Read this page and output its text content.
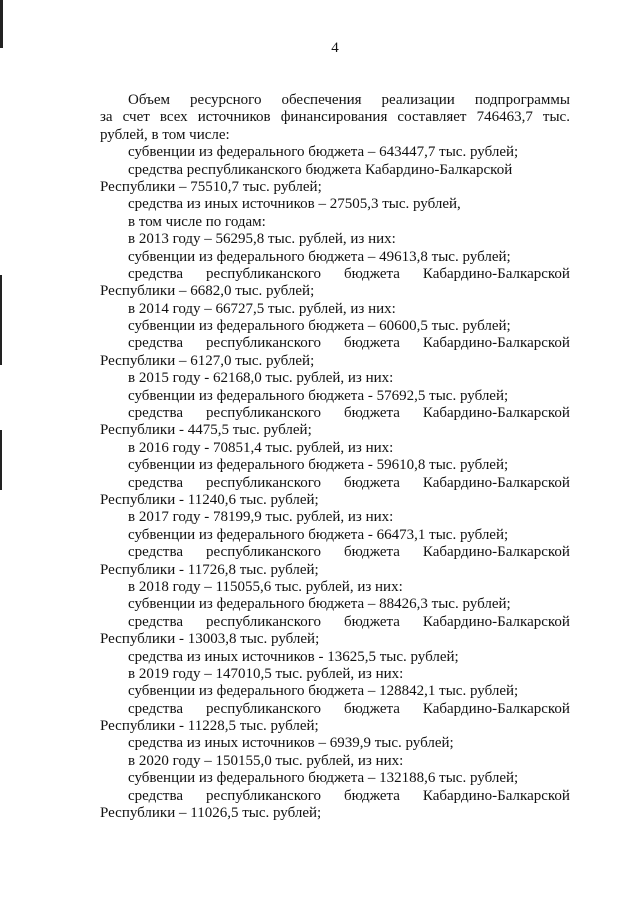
4
Объем ресурсного обеспечения реализации подпрограммы
за счет всех источников финансирования составляет 746463,7 тыс.
рублей, в том числе:
субвенции из федерального бюджета – 643447,7 тыс. рублей;
средства республиканского бюджета Кабардино-Балкарской
Республики – 75510,7 тыс. рублей;
средства из иных источников – 27505,3 тыс. рублей,
в том числе по годам:
в 2013 году – 56295,8 тыс. рублей, из них:
субвенции из федерального бюджета – 49613,8 тыс. рублей;
средства республиканского бюджета Кабардино-Балкарской
Республики – 6682,0 тыс. рублей;
в 2014 году – 66727,5 тыс. рублей, из них:
субвенции из федерального бюджета – 60600,5 тыс. рублей;
средства республиканского бюджета Кабардино-Балкарской
Республики – 6127,0 тыс. рублей;
в 2015 году - 62168,0 тыс. рублей, из них:
субвенции из федерального бюджета - 57692,5 тыс. рублей;
средства республиканского бюджета Кабардино-Балкарской
Республики - 4475,5 тыс. рублей;
в 2016 году - 70851,4 тыс. рублей, из них:
субвенции из федерального бюджета - 59610,8 тыс. рублей;
средства республиканского бюджета Кабардино-Балкарской
Республики - 11240,6 тыс. рублей;
в 2017 году - 78199,9 тыс. рублей, из них:
субвенции из федерального бюджета - 66473,1 тыс. рублей;
средства республиканского бюджета Кабардино-Балкарской
Республики - 11726,8 тыс. рублей;
в 2018 году – 115055,6 тыс. рублей, из них:
субвенции из федерального бюджета – 88426,3 тыс. рублей;
средства республиканского бюджета Кабардино-Балкарской
Республики - 13003,8 тыс. рублей;
средства из иных источников - 13625,5 тыс. рублей;
в 2019 году – 147010,5 тыс. рублей, из них:
субвенции из федерального бюджета – 128842,1 тыс. рублей;
средства республиканского бюджета Кабардино-Балкарской
Республики - 11228,5 тыс. рублей;
средства из иных источников – 6939,9 тыс. рублей;
в 2020 году – 150155,0 тыс. рублей, из них:
субвенции из федерального бюджета – 132188,6 тыс. рублей;
средства республиканского бюджета Кабардино-Балкарской
Республики – 11026,5 тыс. рублей;
